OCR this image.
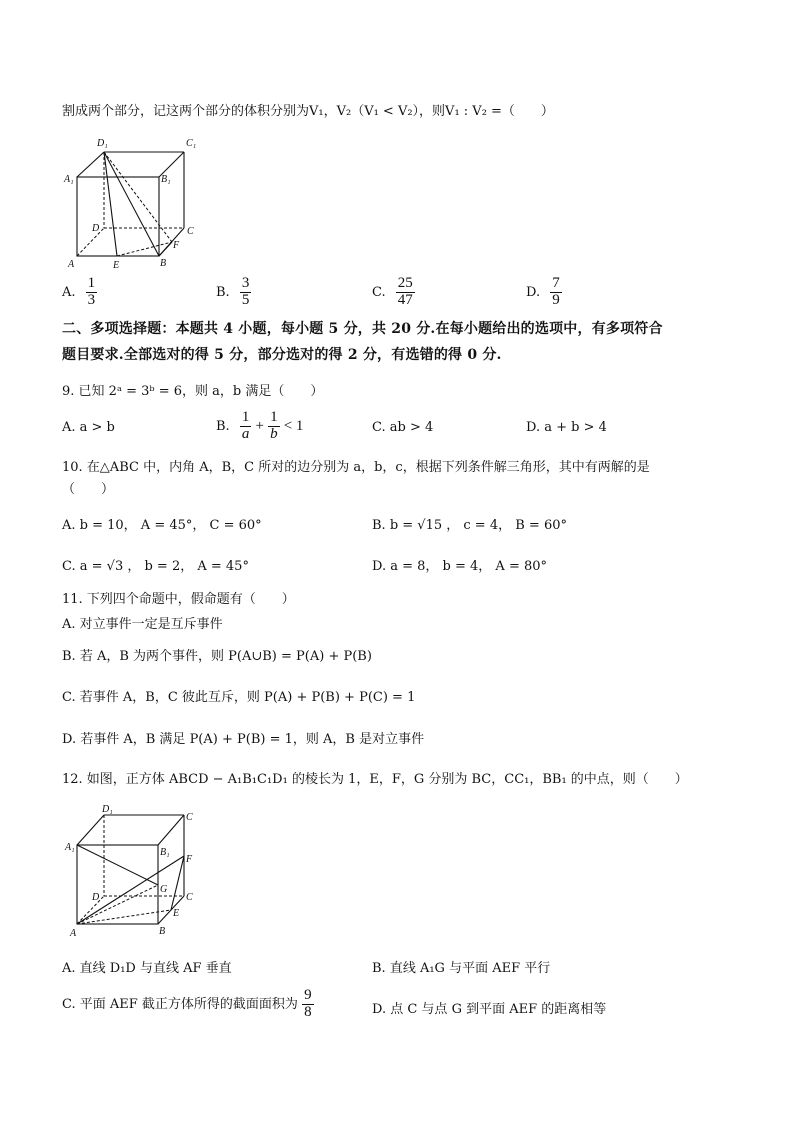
割成两个部分，记这两个部分的体积分别为V₁，V₂（V₁ < V₂），则V₁ : V₂ =（　　）
D₁	C₁
A₁	B₁
D	C
F
A	E	B
A. $\frac{1}{3}$	B. $\frac{3}{5}$	C. $\frac{25}{47}$	D. $\frac{7}{9}$
二、多项选择题：本题共 4 小题，每小题 5 分，共 20 分.在每小题给出的选项中，有多项符合
题目要求.全部选对的得 5 分，部分选对的得 2 分，有选错的得 0 分.
9. 已知 2ᵃ = 3ᵇ = 6，则 a，b 满足（　　）
A. a > b	B. $\frac{1}{a} + \frac{1}{b} < 1$	C. ab > 4	D. a + b > 4
10. 在△ABC 中，内角 A，B，C 所对的边分别为 a，b，c，根据下列条件解三角形，其中有两解的是
（　　）
A. b = 10， A = 45°， C = 60°	B. b = √15 ， c = 4， B = 60°
C. a = √3 ， b = 2， A = 45°	D. a = 8， b = 4， A = 80°
11. 下列四个命题中，假命题有（　　）
A. 对立事件一定是互斥事件
B. 若 A，B 为两个事件，则 P(A∪B) = P(A) + P(B)
C. 若事件 A，B，C 彼此互斥，则 P(A) + P(B) + P(C) = 1
D. 若事件 A，B 满足 P(A) + P(B) = 1，则 A，B 是对立事件
12. 如图，正方体 ABCD − A₁B₁C₁D₁ 的棱长为 1，E，F，G 分别为 BC，CC₁，BB₁ 的中点，则（　　）
D₁
C
A₁	B₁
F
G
D	C
E
A	B
A. 直线 D₁D 与直线 AF 垂直	B. 直线 A₁G 与平面 AEF 平行
C. 平面 AEF 截正方体所得的截面面积为 $\frac{9}{8}$	D. 点 C 与点 G 到平面 AEF 的距离相等
